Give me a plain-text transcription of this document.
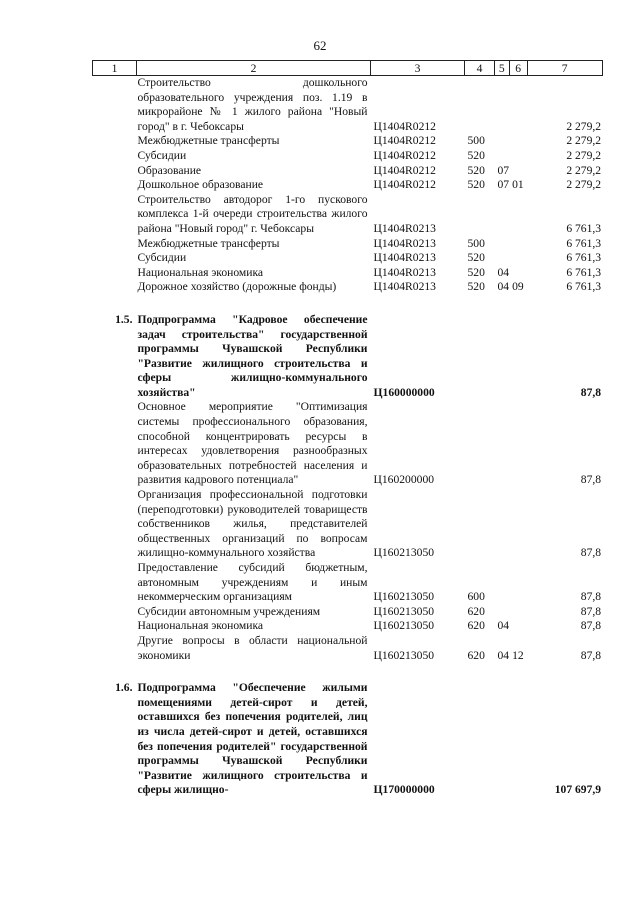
62
1	2	3	4	5	6	7
	Строительство дошкольного образовательного учреждения поз. 1.19 в микрорайоне № 1 жилого района "Новый город" в г. Чебоксары	Ц1404R0212				2 279,2
	Межбюджетные трансферты	Ц1404R0212	500			2 279,2
	Субсидии	Ц1404R0212	520			2 279,2
	Образование	Ц1404R0212	520	07		2 279,2
	Дошкольное образование	Ц1404R0212	520	07	01	2 279,2
	Строительство автодорог 1-го пускового комплекса 1-й очереди строительства жилого района "Новый город" г. Чебоксары	Ц1404R0213				6 761,3
	Межбюджетные трансферты	Ц1404R0213	500			6 761,3
	Субсидии	Ц1404R0213	520			6 761,3
	Национальная экономика	Ц1404R0213	520	04		6 761,3
	Дорожное хозяйство (дорожные фонды)	Ц1404R0213	520	04	09	6 761,3

1.5.	Подпрограмма "Кадровое обеспечение задач строительства" государственной программы Чувашской Республики "Развитие жилищного строительства и сферы жилищно-коммунального хозяйства"	Ц160000000				87,8
	Основное мероприятие "Оптимизация системы профессионального образования, способной концентрировать ресурсы в интересах удовлетворения разнообразных образовательных потребностей населения и развития кадрового потенциала"	Ц160200000				87,8
	Организация профессиональной подготовки (переподготовки) руководителей товариществ собственников жилья, представителей общественных организаций по вопросам жилищно-коммунального хозяйства	Ц160213050				87,8
	Предоставление субсидий бюджетным, автономным учреждениям и иным некоммерческим организациям	Ц160213050	600			87,8
	Субсидии автономным учреждениям	Ц160213050	620			87,8
	Национальная экономика	Ц160213050	620	04		87,8
	Другие вопросы в области национальной экономики	Ц160213050	620	04	12	87,8

1.6.	Подпрограмма "Обеспечение жилыми помещениями детей-сирот и детей, оставшихся без попечения родителей, лиц из числа детей-сирот и детей, оставшихся без попечения родителей" государственной программы Чувашской Республики "Развитие жилищного строительства и сферы жилищно-	Ц170000000				107 697,9
